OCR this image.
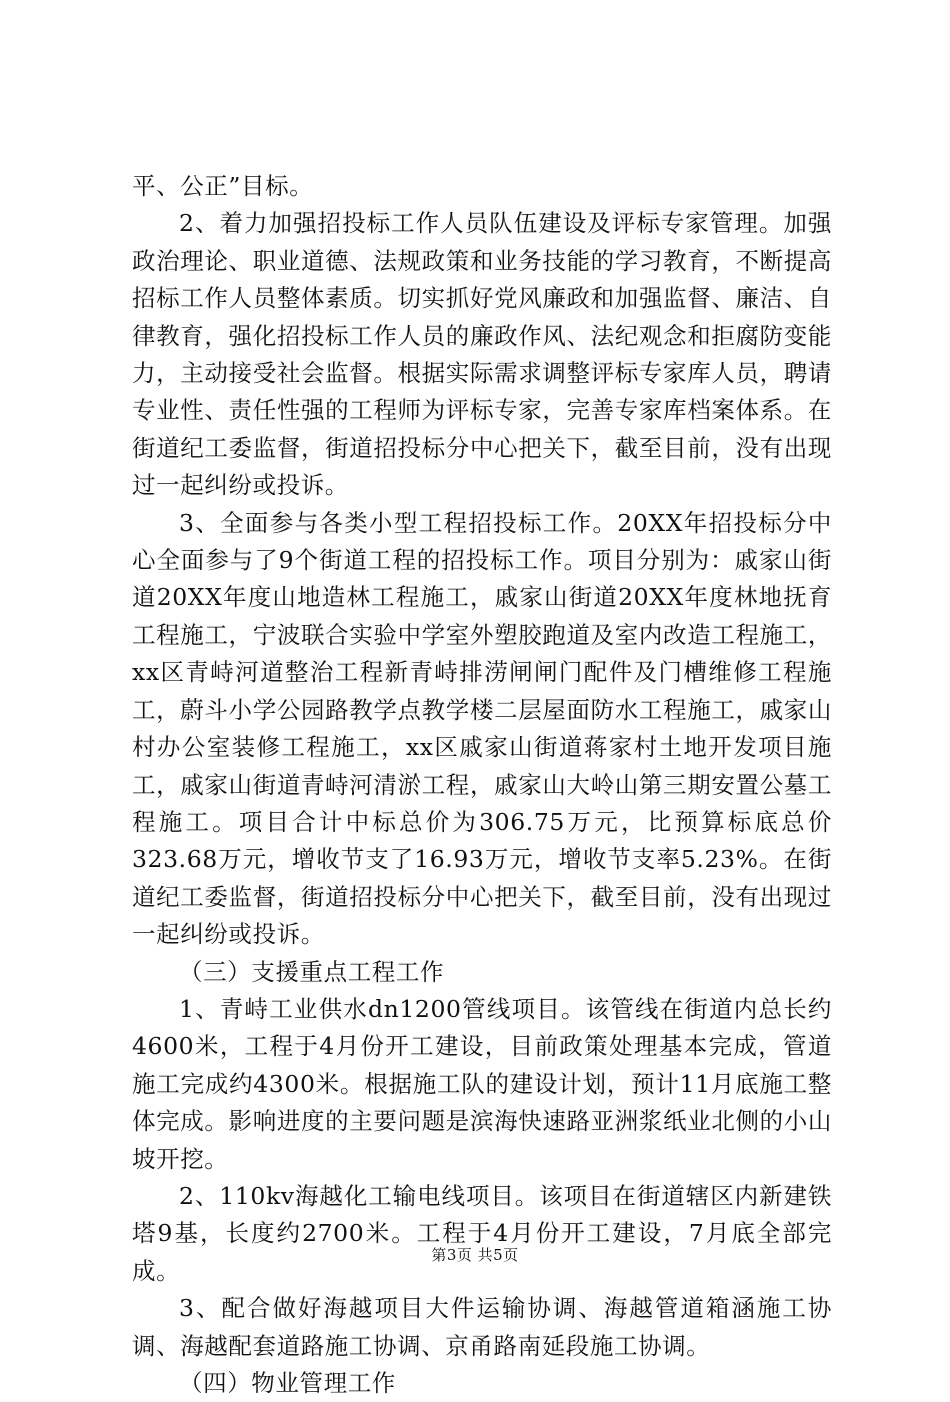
平、公正”目标。

2、着力加强招投标工作人员队伍建设及评标专家管理。加强政治理论、职业道德、法规政策和业务技能的学习教育，不断提高招标工作人员整体素质。切实抓好党风廉政和加强监督、廉洁、自律教育，强化招投标工作人员的廉政作风、法纪观念和拒腐防变能力，主动接受社会监督。根据实际需求调整评标专家库人员，聘请专业性、责任性强的工程师为评标专家，完善专家库档案体系。在街道纪工委监督，街道招投标分中心把关下，截至目前，没有出现过一起纠纷或投诉。

3、全面参与各类小型工程招投标工作。20XX年招投标分中心全面参与了9个街道工程的招投标工作。项目分别为：戚家山街道20XX年度山地造林工程施工，戚家山街道20XX年度林地抚育工程施工，宁波联合实验中学室外塑胶跑道及室内改造工程施工，xx区青峙河道整治工程新青峙排涝闸闸门配件及门槽维修工程施工，蔚斗小学公园路教学点教学楼二层屋面防水工程施工，戚家山村办公室装修工程施工，xx区戚家山街道蒋家村土地开发项目施工，戚家山街道青峙河清淤工程，戚家山大岭山第三期安置公墓工程施工。项目合计中标总价为306.75万元，比预算标底总价323.68万元，增收节支了16.93万元，增收节支率5.23%。在街道纪工委监督，街道招投标分中心把关下，截至目前，没有出现过一起纠纷或投诉。

（三）支援重点工程工作

1、青峙工业供水dn1200管线项目。该管线在街道内总长约4600米，工程于4月份开工建设，目前政策处理基本完成，管道施工完成约4300米。根据施工队的建设计划，预计11月底施工整体完成。影响进度的主要问题是滨海快速路亚洲浆纸业北侧的小山坡开挖。

2、110kv海越化工输电线项目。该项目在街道辖区内新建铁塔9基，长度约2700米。工程于4月份开工建设，7月底全部完成。

3、配合做好海越项目大件运输协调、海越管道箱涵施工协调、海越配套道路施工协调、京甬路南延段施工协调。

（四）物业管理工作

第3页 共5页
